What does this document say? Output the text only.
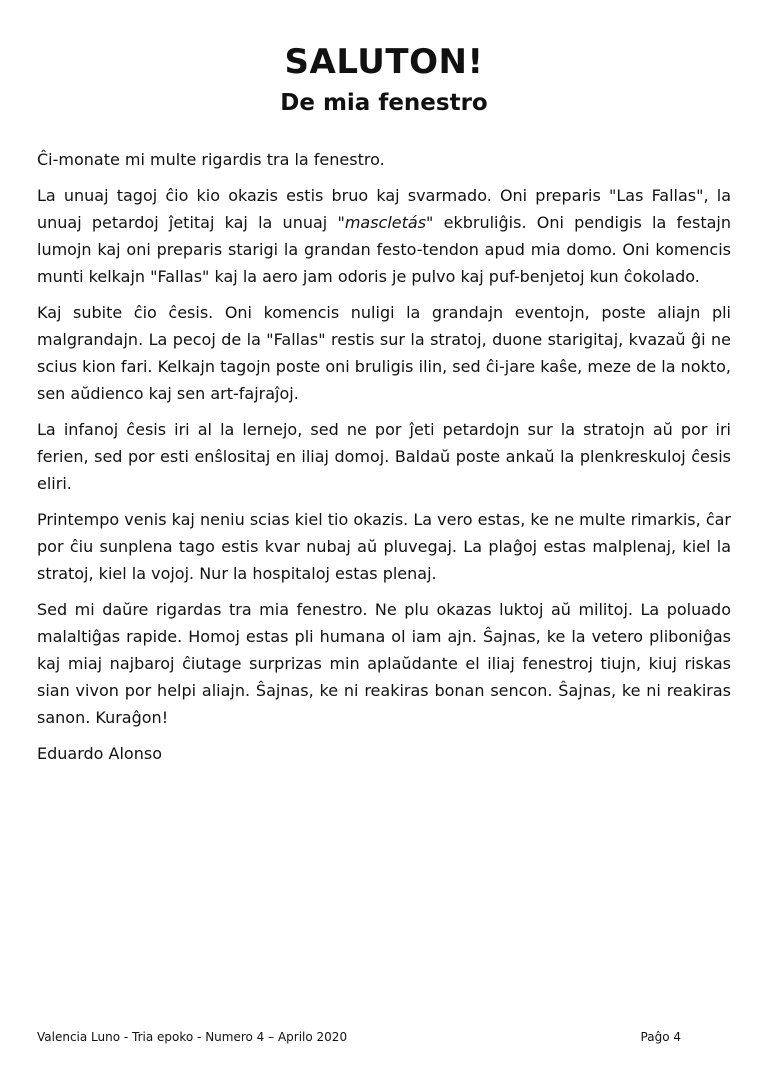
SALUTON!
De mia fenestro

Ĉi-monate mi multe rigardis tra la fenestro.

La unuaj tagoj ĉio kio okazis estis bruo kaj svarmado. Oni preparis "Las Fallas", la unuaj petardoj ĵetitaj kaj la unuaj "mascletás" ekbruliĝis. Oni pendigis la festajn lumojn kaj oni preparis starigi la grandan festo-tendon apud mia domo. Oni komencis munti kelkajn "Fallas" kaj la aero jam odoris je pulvo kaj puf-benjetoj kun ĉokolado.

Kaj subite ĉio ĉesis. Oni komencis nuligi la grandajn eventojn, poste aliajn pli malgrandajn. La pecoj de la "Fallas" restis sur la stratoj, duone starigitaj, kvazaŭ ĝi ne scius kion fari. Kelkajn tagojn poste oni bruligis ilin, sed ĉi-jare kaŝe, meze de la nokto, sen aŭdienco kaj sen art-fajraĵoj.

La infanoj ĉesis iri al la lernejo, sed ne por ĵeti petardojn sur la stratojn aŭ por iri ferien, sed por esti enŝlositaj en iliaj domoj. Baldaŭ poste ankaŭ la plenkreskuloj ĉesis eliri.

Printempo venis kaj neniu scias kiel tio okazis. La vero estas, ke ne multe rimarkis, ĉar por ĉiu sunplena tago estis kvar nubaj aŭ pluvegaj. La plaĝoj estas malplenaj, kiel la stratoj, kiel la vojoj. Nur la hospitaloj estas plenaj.

Sed mi daŭre rigardas tra mia fenestro. Ne plu okazas luktoj aŭ militoj. La poluado malaltiĝas rapide. Homoj estas pli humana ol iam ajn. Ŝajnas, ke la vetero pliboniĝas kaj miaj najbaroj ĉiutage surprizas min aplaŭdante el iliaj fenestroj tiujn, kiuj riskas sian vivon por helpi aliajn. Ŝajnas, ke ni reakiras bonan sencon. Ŝajnas, ke ni reakiras sanon. Kuraĝon!

Eduardo Alonso

Valencia Luno - Tria epoko - Numero 4 – Aprilo 2020	Paĝo 4
